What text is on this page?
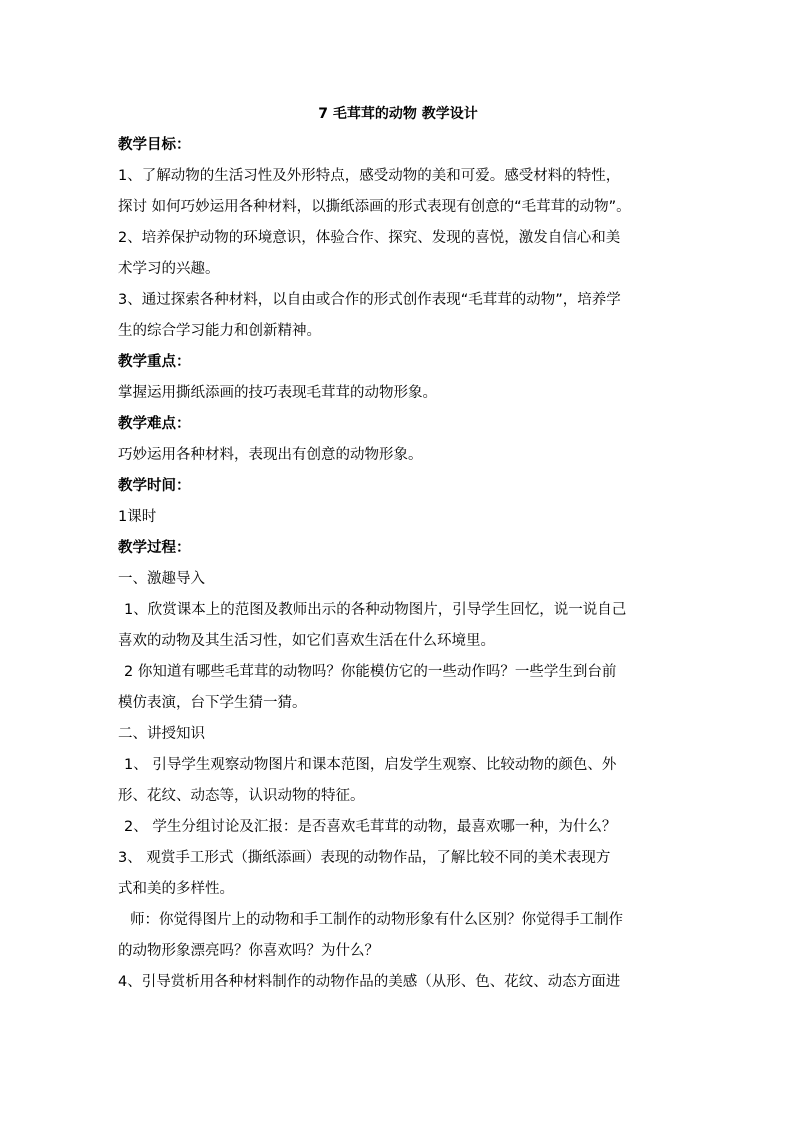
7 毛茸茸的动物 教学设计
教学目标：
1、了解动物的生活习性及外形特点，感受动物的美和可爱。感受材料的特性，
探讨 如何巧妙运用各种材料，以撕纸添画的形式表现有创意的“毛茸茸的动物”。
2、培养保护动物的环境意识，体验合作、探究、发现的喜悦，激发自信心和美
术学习的兴趣。
3、通过探索各种材料，以自由或合作的形式创作表现“毛茸茸的动物”，培养学
生的综合学习能力和创新精神。
教学重点：
掌握运用撕纸添画的技巧表现毛茸茸的动物形象。
教学难点：
巧妙运用各种材料，表现出有创意的动物形象。
教学时间：
1课时
教学过程：
一、激趣导入
1、欣赏课本上的范图及教师出示的各种动物图片，引导学生回忆，说一说自己
喜欢的动物及其生活习性，如它们喜欢生活在什么环境里。
2 你知道有哪些毛茸茸的动物吗？你能模仿它的一些动作吗？一些学生到台前
模仿表演，台下学生猜一猜。
二、讲授知识
1、 引导学生观察动物图片和课本范图，启发学生观察、比较动物的颜色、外
形、花纹、动态等，认识动物的特征。
2、 学生分组讨论及汇报：是否喜欢毛茸茸的动物，最喜欢哪一种，为什么？
3、 观赏手工形式（撕纸添画）表现的动物作品，了解比较不同的美术表现方
式和美的多样性。
师：你觉得图片上的动物和手工制作的动物形象有什么区别？你觉得手工制作
的动物形象漂亮吗？你喜欢吗？为什么？
4、引导赏析用各种材料制作的动物作品的美感（从形、色、花纹、动态方面进
